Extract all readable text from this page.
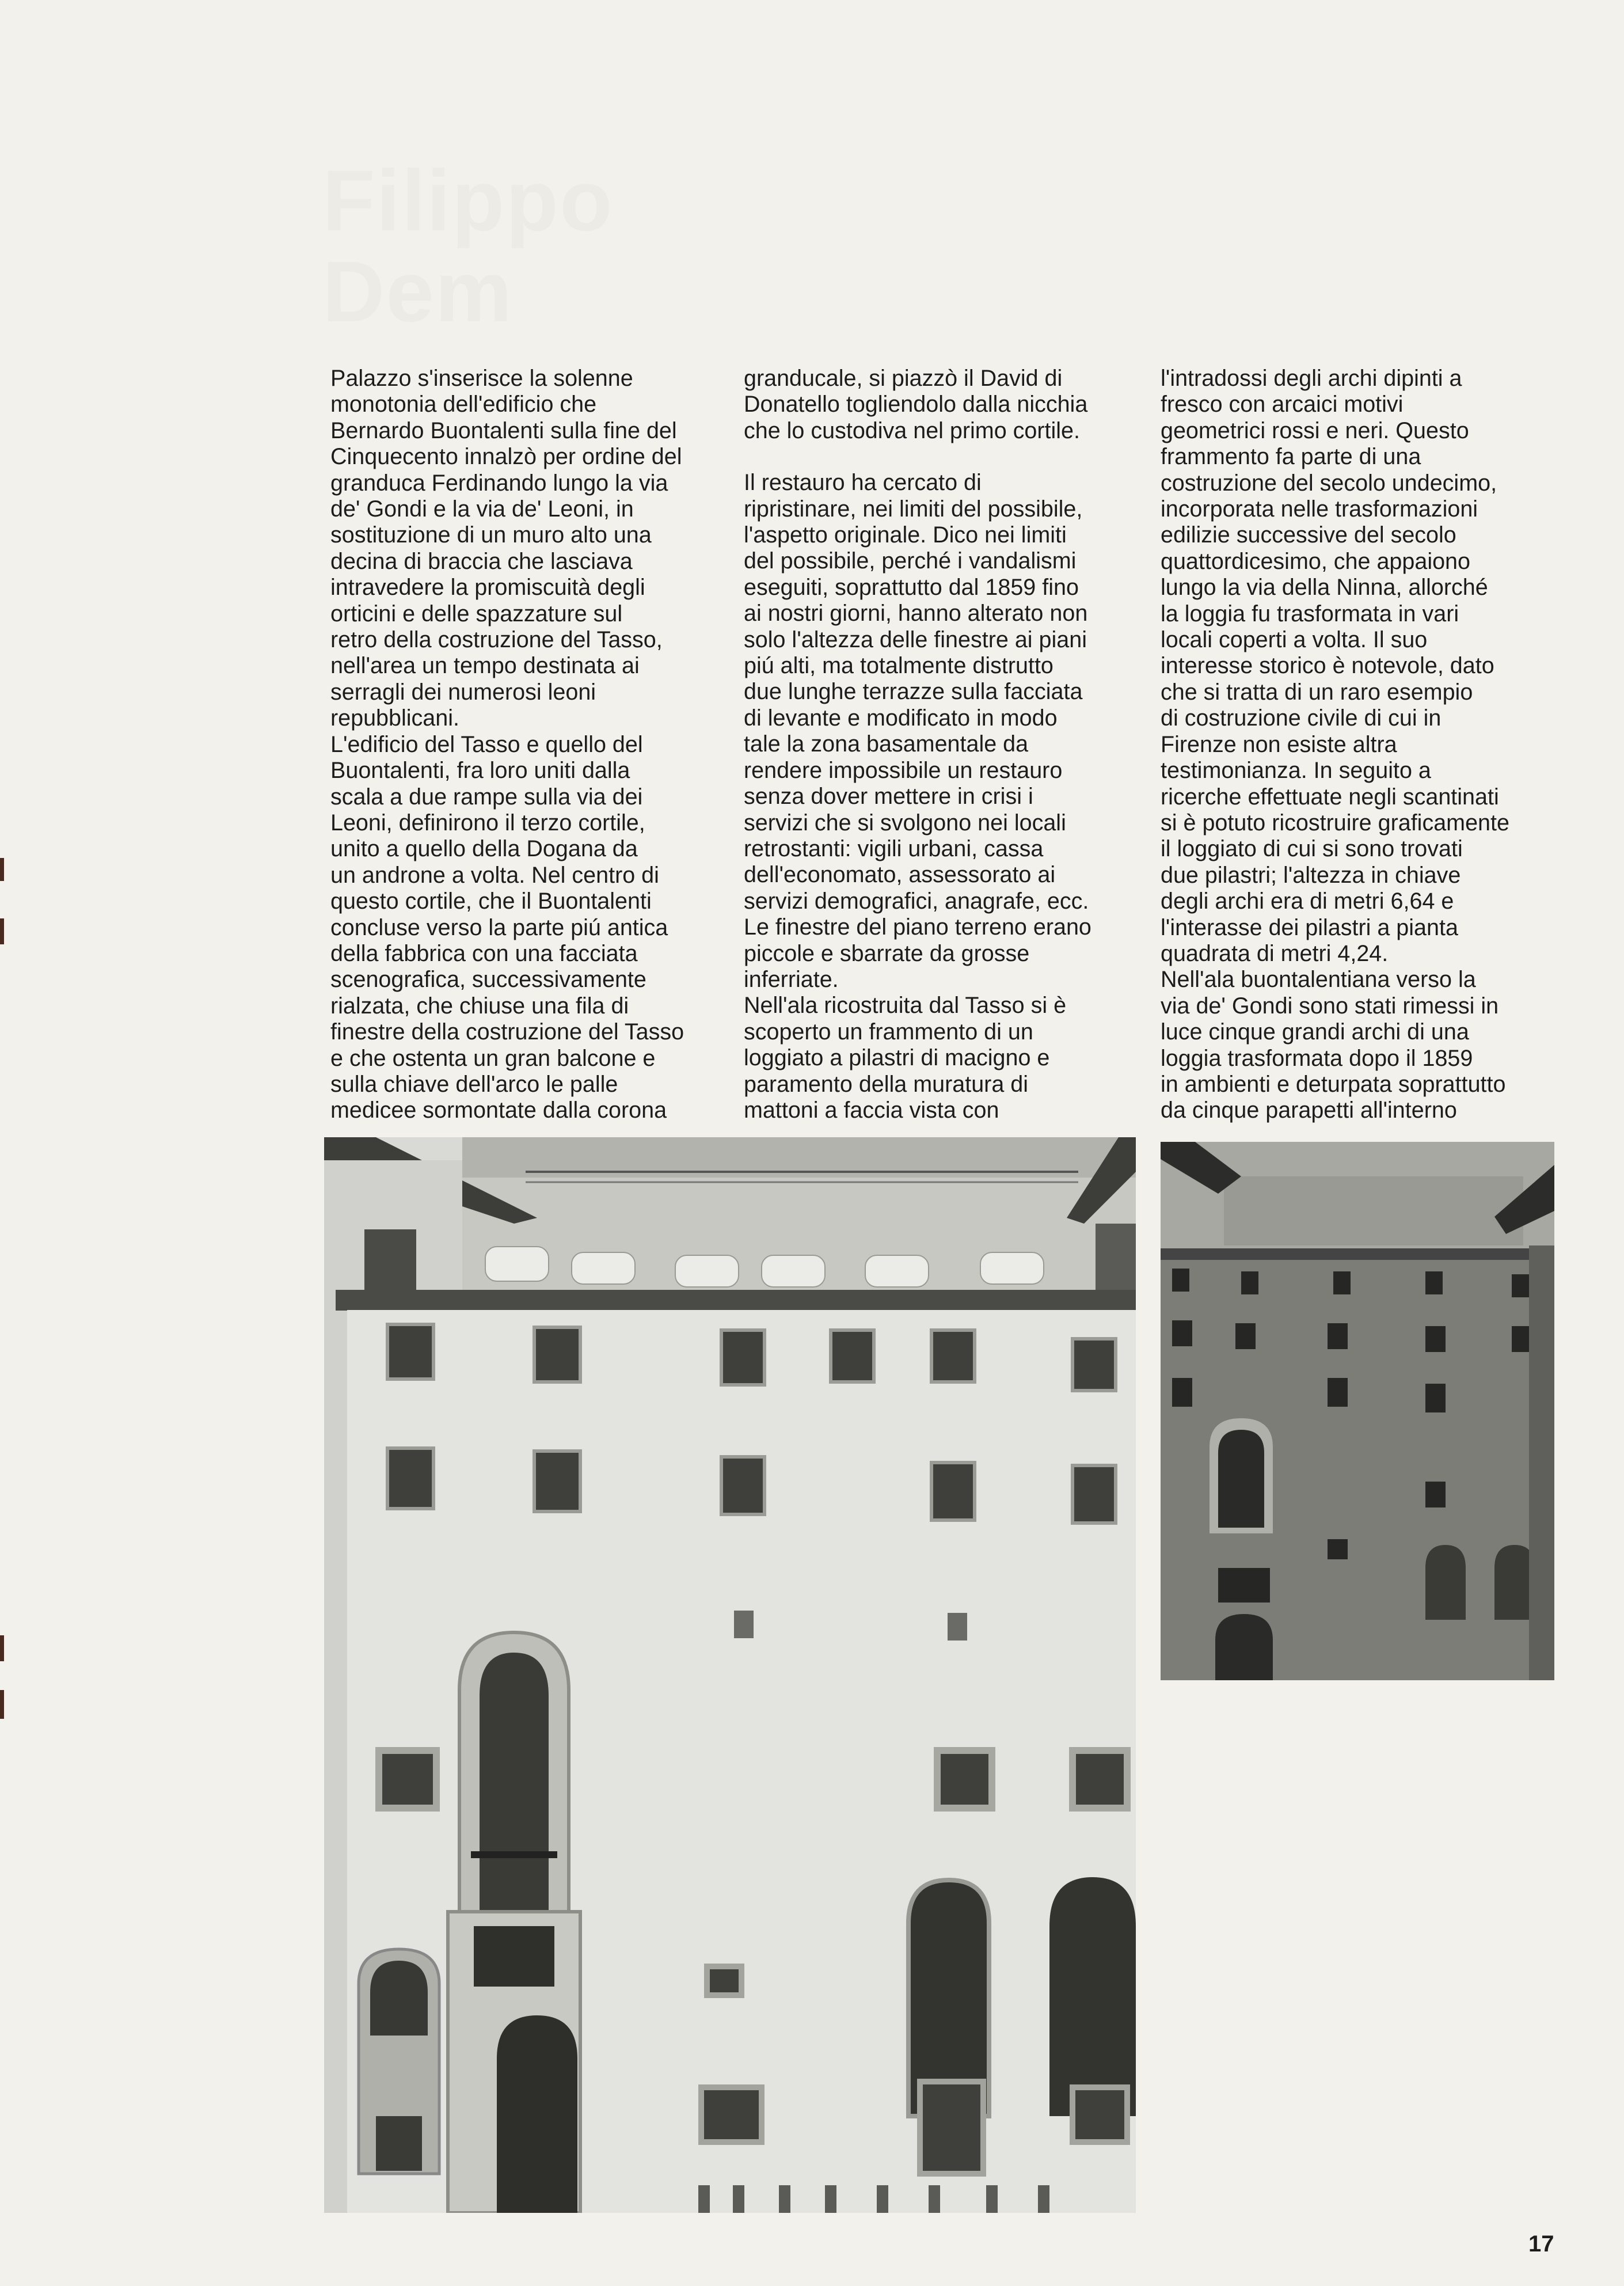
Filippo
Dem

Palazzo s'inserisce la solenne
monotonia dell'edificio che
Bernardo Buontalenti sulla fine del
Cinquecento innalzò per ordine del
granduca Ferdinando lungo la via
de' Gondi e la via de' Leoni, in
sostituzione di un muro alto una
decina di braccia che lasciava
intravedere la promiscuità degli
orticini e delle spazzature sul
retro della costruzione del Tasso,
nell'area un tempo destinata ai
serragli dei numerosi leoni
repubblicani.

L'edificio del Tasso e quello del
Buontalenti, fra loro uniti dalla
scala a due rampe sulla via dei
Leoni, definirono il terzo cortile,
unito a quello della Dogana da
un androne a volta. Nel centro di
questo cortile, che il Buontalenti
concluse verso la parte piú antica
della fabbrica con una facciata
scenografica, successivamente
rialzata, che chiuse una fila di
finestre della costruzione del Tasso
e che ostenta un gran balcone e
sulla chiave dell'arco le palle
medicee sormontate dalla corona

granducale, si piazzò il David di
Donatello togliendolo dalla nicchia
che lo custodiva nel primo cortile.

Il restauro ha cercato di
ripristinare, nei limiti del possibile,
l'aspetto originale. Dico nei limiti
del possibile, perché i vandalismi
eseguiti, soprattutto dal 1859 fino
ai nostri giorni, hanno alterato non
solo l'altezza delle finestre ai piani
piú alti, ma totalmente distrutto
due lunghe terrazze sulla facciata
di levante e modificato in modo
tale la zona basamentale da
rendere impossibile un restauro
senza dover mettere in crisi i
servizi che si svolgono nei locali
retrostanti: vigili urbani, cassa
dell'economato, assessorato ai
servizi demografici, anagrafe, ecc.
Le finestre del piano terreno erano
piccole e sbarrate da grosse
inferriate.

Nell'ala ricostruita dal Tasso si è
scoperto un frammento di un
loggiato a pilastri di macigno e
paramento della muratura di
mattoni a faccia vista con

l'intradossi degli archi dipinti a
fresco con arcaici motivi
geometrici rossi e neri. Questo
frammento fa parte di una
costruzione del secolo undecimo,
incorporata nelle trasformazioni
edilizie successive del secolo
quattordicesimo, che appaiono
lungo la via della Ninna, allorché
la loggia fu trasformata in vari
locali coperti a volta. Il suo
interesse storico è notevole, dato
che si tratta di un raro esempio
di costruzione civile di cui in
Firenze non esiste altra
testimonianza. In seguito a
ricerche effettuate negli scantinati
si è potuto ricostruire graficamente
il loggiato di cui si sono trovati
due pilastri; l'altezza in chiave
degli archi era di metri 6,64 e
l'interasse dei pilastri a pianta
quadrata di metri 4,24.

Nell'ala buontalentiana verso la
via de' Gondi sono stati rimessi in
luce cinque grandi archi di una
loggia trasformata dopo il 1859
in ambienti e deturpata soprattutto
da cinque parapetti all'interno

17
